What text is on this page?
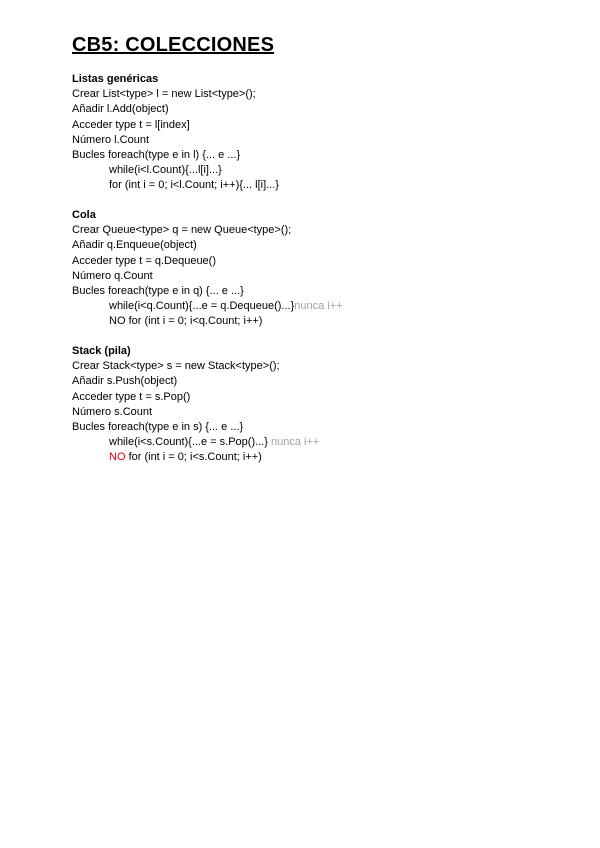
CB5: COLECCIONES
Listas genéricas
Crear List<type> l = new List<type>();
Añadir l.Add(object)
Acceder type t = l[index]
Número l.Count
Bucles foreach(type e in l) {... e ...}
while(i<l.Count){...l[i]...}
for (int i = 0; i<l.Count; i++){... l[i]...}
Cola
Crear Queue<type> q = new Queue<type>();
Añadir q.Enqueue(object)
Acceder type t = q.Dequeue()
Número q.Count
Bucles foreach(type e in q) {... e ...}
while(i<q.Count){...e = q.Dequeue()...}nunca i++
NO for (int i = 0; i<q.Count; i++)
Stack (pila)
Crear Stack<type> s = new Stack<type>();
Añadir s.Push(object)
Acceder type t = s.Pop()
Número s.Count
Bucles foreach(type e in s) {... e ...}
while(i<s.Count){...e = s.Pop()...} nunca i++
NO for (int i = 0; i<s.Count; i++)
